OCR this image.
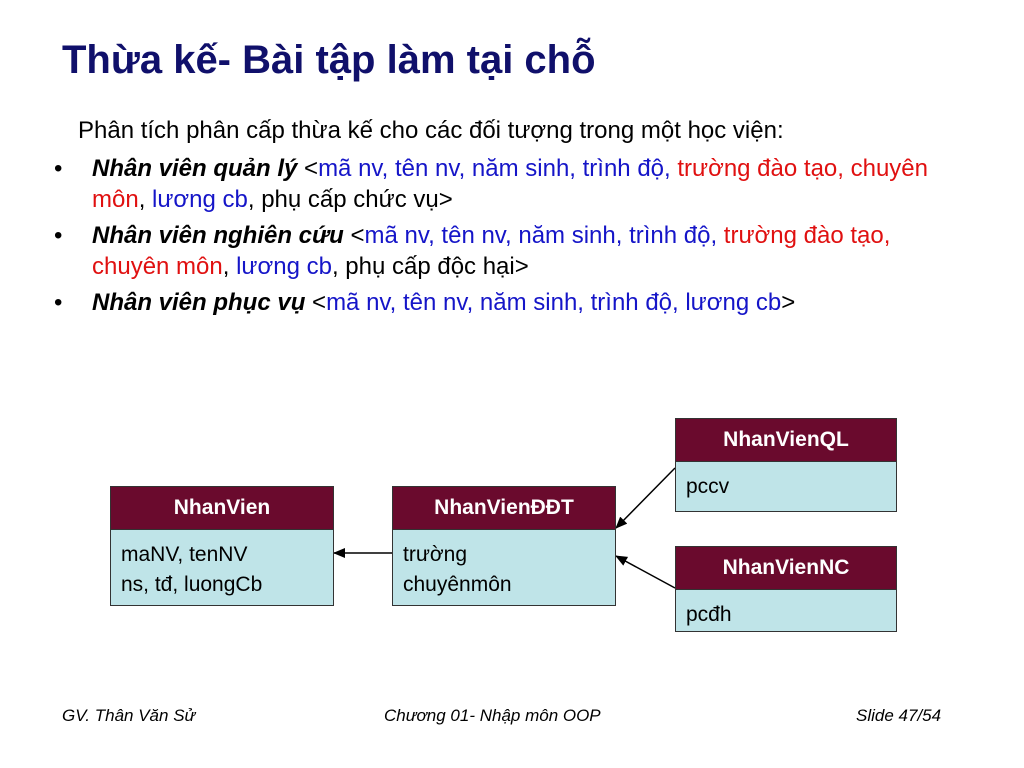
Thừa kế- Bài tập làm tại chỗ
Phân tích phân cấp thừa kế cho các đối tượng trong một học viện:
• Nhân viên quản lý <mã nv, tên nv, năm sinh, trình độ, trường đào tạo, chuyên môn, lương cb, phụ cấp chức vụ>
• Nhân viên nghiên cứu <mã nv, tên nv, năm sinh, trình độ, trường đào tạo, chuyên môn, lương cb, phụ cấp độc hại>
• Nhân viên phục vụ <mã nv, tên nv, năm sinh, trình độ, lương cb>
NhanVien
maNV, tenNV
ns, tđ, luongCb
NhanVienĐĐT
trường
chuyênmôn
NhanVienQL
pccv
NhanVienNC
pcđh
GV. Thân Văn Sử	Chương 01- Nhập môn OOP	Slide 47/54
